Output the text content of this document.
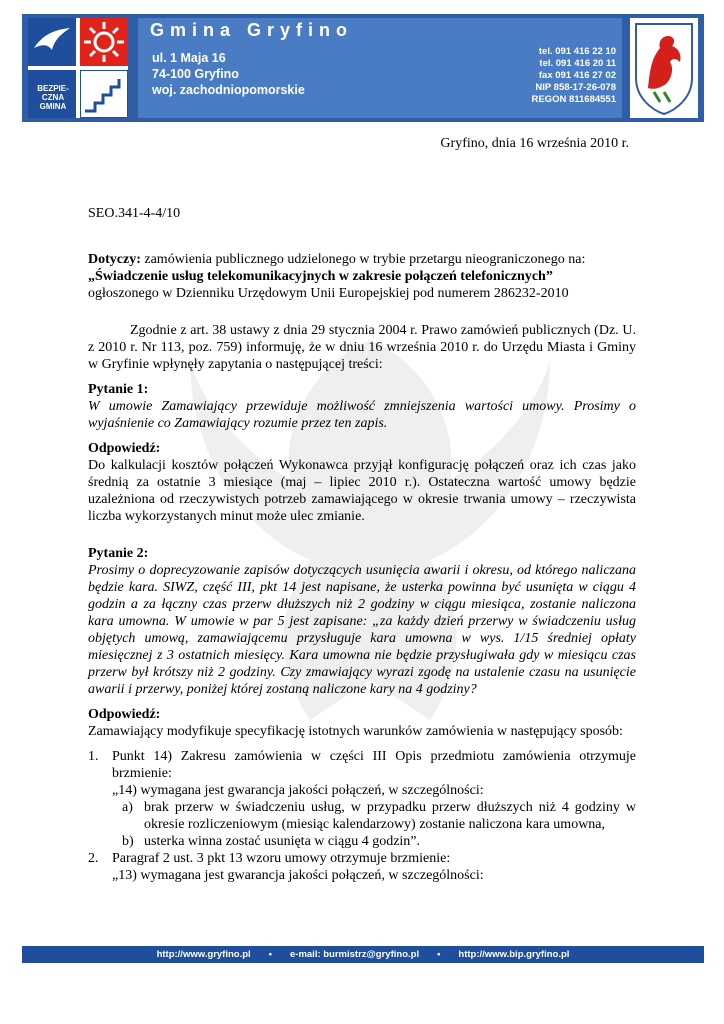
BEZPIE-CZNA GMINA
Gmina Gryfino
ul. 1 Maja 16
74-100 Gryfino
woj. zachodniopomorskie
tel. 091 416 22 10
tel. 091 416 20 11
fax 091 416 27 02
NIP 858-17-26-078
REGON 811684551
Gryfino, dnia 16 września 2010 r.
SEO.341-4-4/10

Dotyczy: zamówienia publicznego udzielonego w trybie przetargu nieograniczonego na:

„Świadczenie usług telekomunikacyjnych w zakresie połączeń telefonicznych”

ogłoszonego w Dzienniku Urzędowym Unii Europejskiej pod numerem 286232-2010

Zgodnie z art. 38 ustawy z dnia 29 stycznia 2004 r. Prawo zamówień publicznych (Dz. U. z 2010 r. Nr 113, poz. 759) informuję, że w dniu 16 września 2010 r. do Urzędu Miasta i Gminy w Gryfinie wpłynęły zapytania o następującej treści:

Pytanie 1:

W umowie Zamawiający przewiduje możliwość zmniejszenia wartości umowy. Prosimy o wyjaśnienie co Zamawiający rozumie przez ten zapis.

Odpowiedź:

Do kalkulacji kosztów połączeń Wykonawca przyjął konfigurację połączeń oraz ich czas jako średnią za ostatnie 3 miesiące (maj – lipiec 2010 r.). Ostateczna wartość umowy będzie uzależniona od rzeczywistych potrzeb zamawiającego w okresie trwania umowy – rzeczywista liczba wykorzystanych minut może ulec zmianie.

Pytanie 2:

Prosimy o doprecyzowanie zapisów dotyczących usunięcia awarii i okresu, od którego naliczana będzie kara. SIWZ, część III, pkt 14 jest napisane, że usterka powinna być usunięta w ciągu 4 godzin a za łączny czas przerw dłuższych niż 2 godziny w ciągu miesiąca, zostanie naliczona kara umowna. W umowie w par 5 jest zapisane: „za każdy dzień przerwy w świadczeniu usług objętych umową, zamawiającemu przysługuje kara umowna w wys. 1/15 średniej opłaty miesięcznej z 3 ostatnich miesięcy. Kara umowna nie będzie przysługiwała gdy w miesiącu czas przerw był krótszy niż 2 godziny. Czy zmawiający wyrazi zgodę na ustalenie czasu na usunięcie awarii i przerwy, poniżej której zostaną naliczone kary na 4 godziny?

Odpowiedź:

Zamawiający modyfikuje specyfikację istotnych warunków zamówienia w następujący sposób:

1. Punkt 14) Zakresu zamówienia w części III Opis przedmiotu zamówienia otrzymuje brzmienie:

„14) wymagana jest gwarancja jakości połączeń, w szczególności:

a) brak przerw w świadczeniu usług, w przypadku przerw dłuższych niż 4 godziny w okresie rozliczeniowym (miesiąc kalendarzowy) zostanie naliczona kara umowna,

b) usterka winna zostać usunięta w ciągu 4 godzin”.

2. Paragraf 2 ust. 3 pkt 13 wzoru umowy otrzymuje brzmienie:

„13) wymagana jest gwarancja jakości połączeń, w szczególności:

http://www.gryfino.pl • e-mail: burmistrz@gryfino.pl • http://www.bip.gryfino.pl
